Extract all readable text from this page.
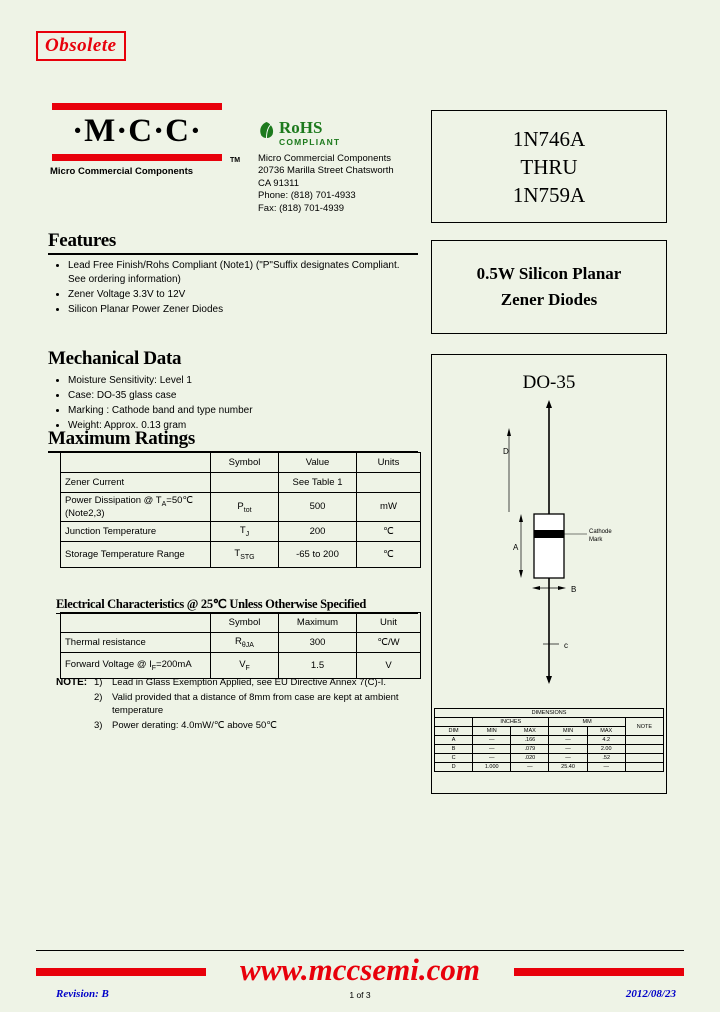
Obsolete
·M·C·C·
TM
Micro Commercial Components
RoHS
COMPLIANT
Micro Commercial Components
20736 Marilla Street Chatsworth
CA 91311
Phone: (818) 701-4933
Fax: (818) 701-4939
1N746A
THRU
1N759A
0.5W Silicon Planar
Zener Diodes
DO-35
D
A
B
c
Cathode
Mark
DIMENSIONS					
	INCHES		MM		NOTE
DIM	MIN	MAX	MIN	MAX	
A	—	.166	—	4.2	
B	—	.079	—	2.00	
C	—	.020	—	.52	
D	1.000	—	25.40	—	
Features
• Lead Free Finish/Rohs Compliant (Note1) ("P"Suffix designates Compliant. See ordering information)
• Zener Voltage 3.3V to 12V
• Silicon Planar Power Zener Diodes
Mechanical Data
• Moisture Sensitivity: Level 1
• Case: DO-35 glass case
• Marking : Cathode band and type number
• Weight: Approx. 0.13 gram
Maximum Ratings
	Symbol	Value	Units
Zener Current		See Table 1	
Power Dissipation @ $T_A=50℃$ (Note2,3)	$P_{tot}$	500	mW
Junction Temperature	$T_J$	200	℃
Storage Temperature Range	$T_{STG}$	-65 to 200	℃
Electrical Characteristics @ 25℃ Unless Otherwise Specified
	Symbol	Maximum	Unit
Thermal resistance	$R_{\theta JA}$	300	℃/W
Forward Voltage @ $I_F=200mA$	$V_F$	1.5	V
NOTE: 1) Lead in Glass Exemption Applied, see EU Directive Annex 7(C)-I.
2) Valid provided that a distance of 8mm from case are kept at ambient temperature
3) Power derating: 4.0mW/℃ above 50℃
www.mccsemi.com
Revision: B	1 of 3	2012/08/23
